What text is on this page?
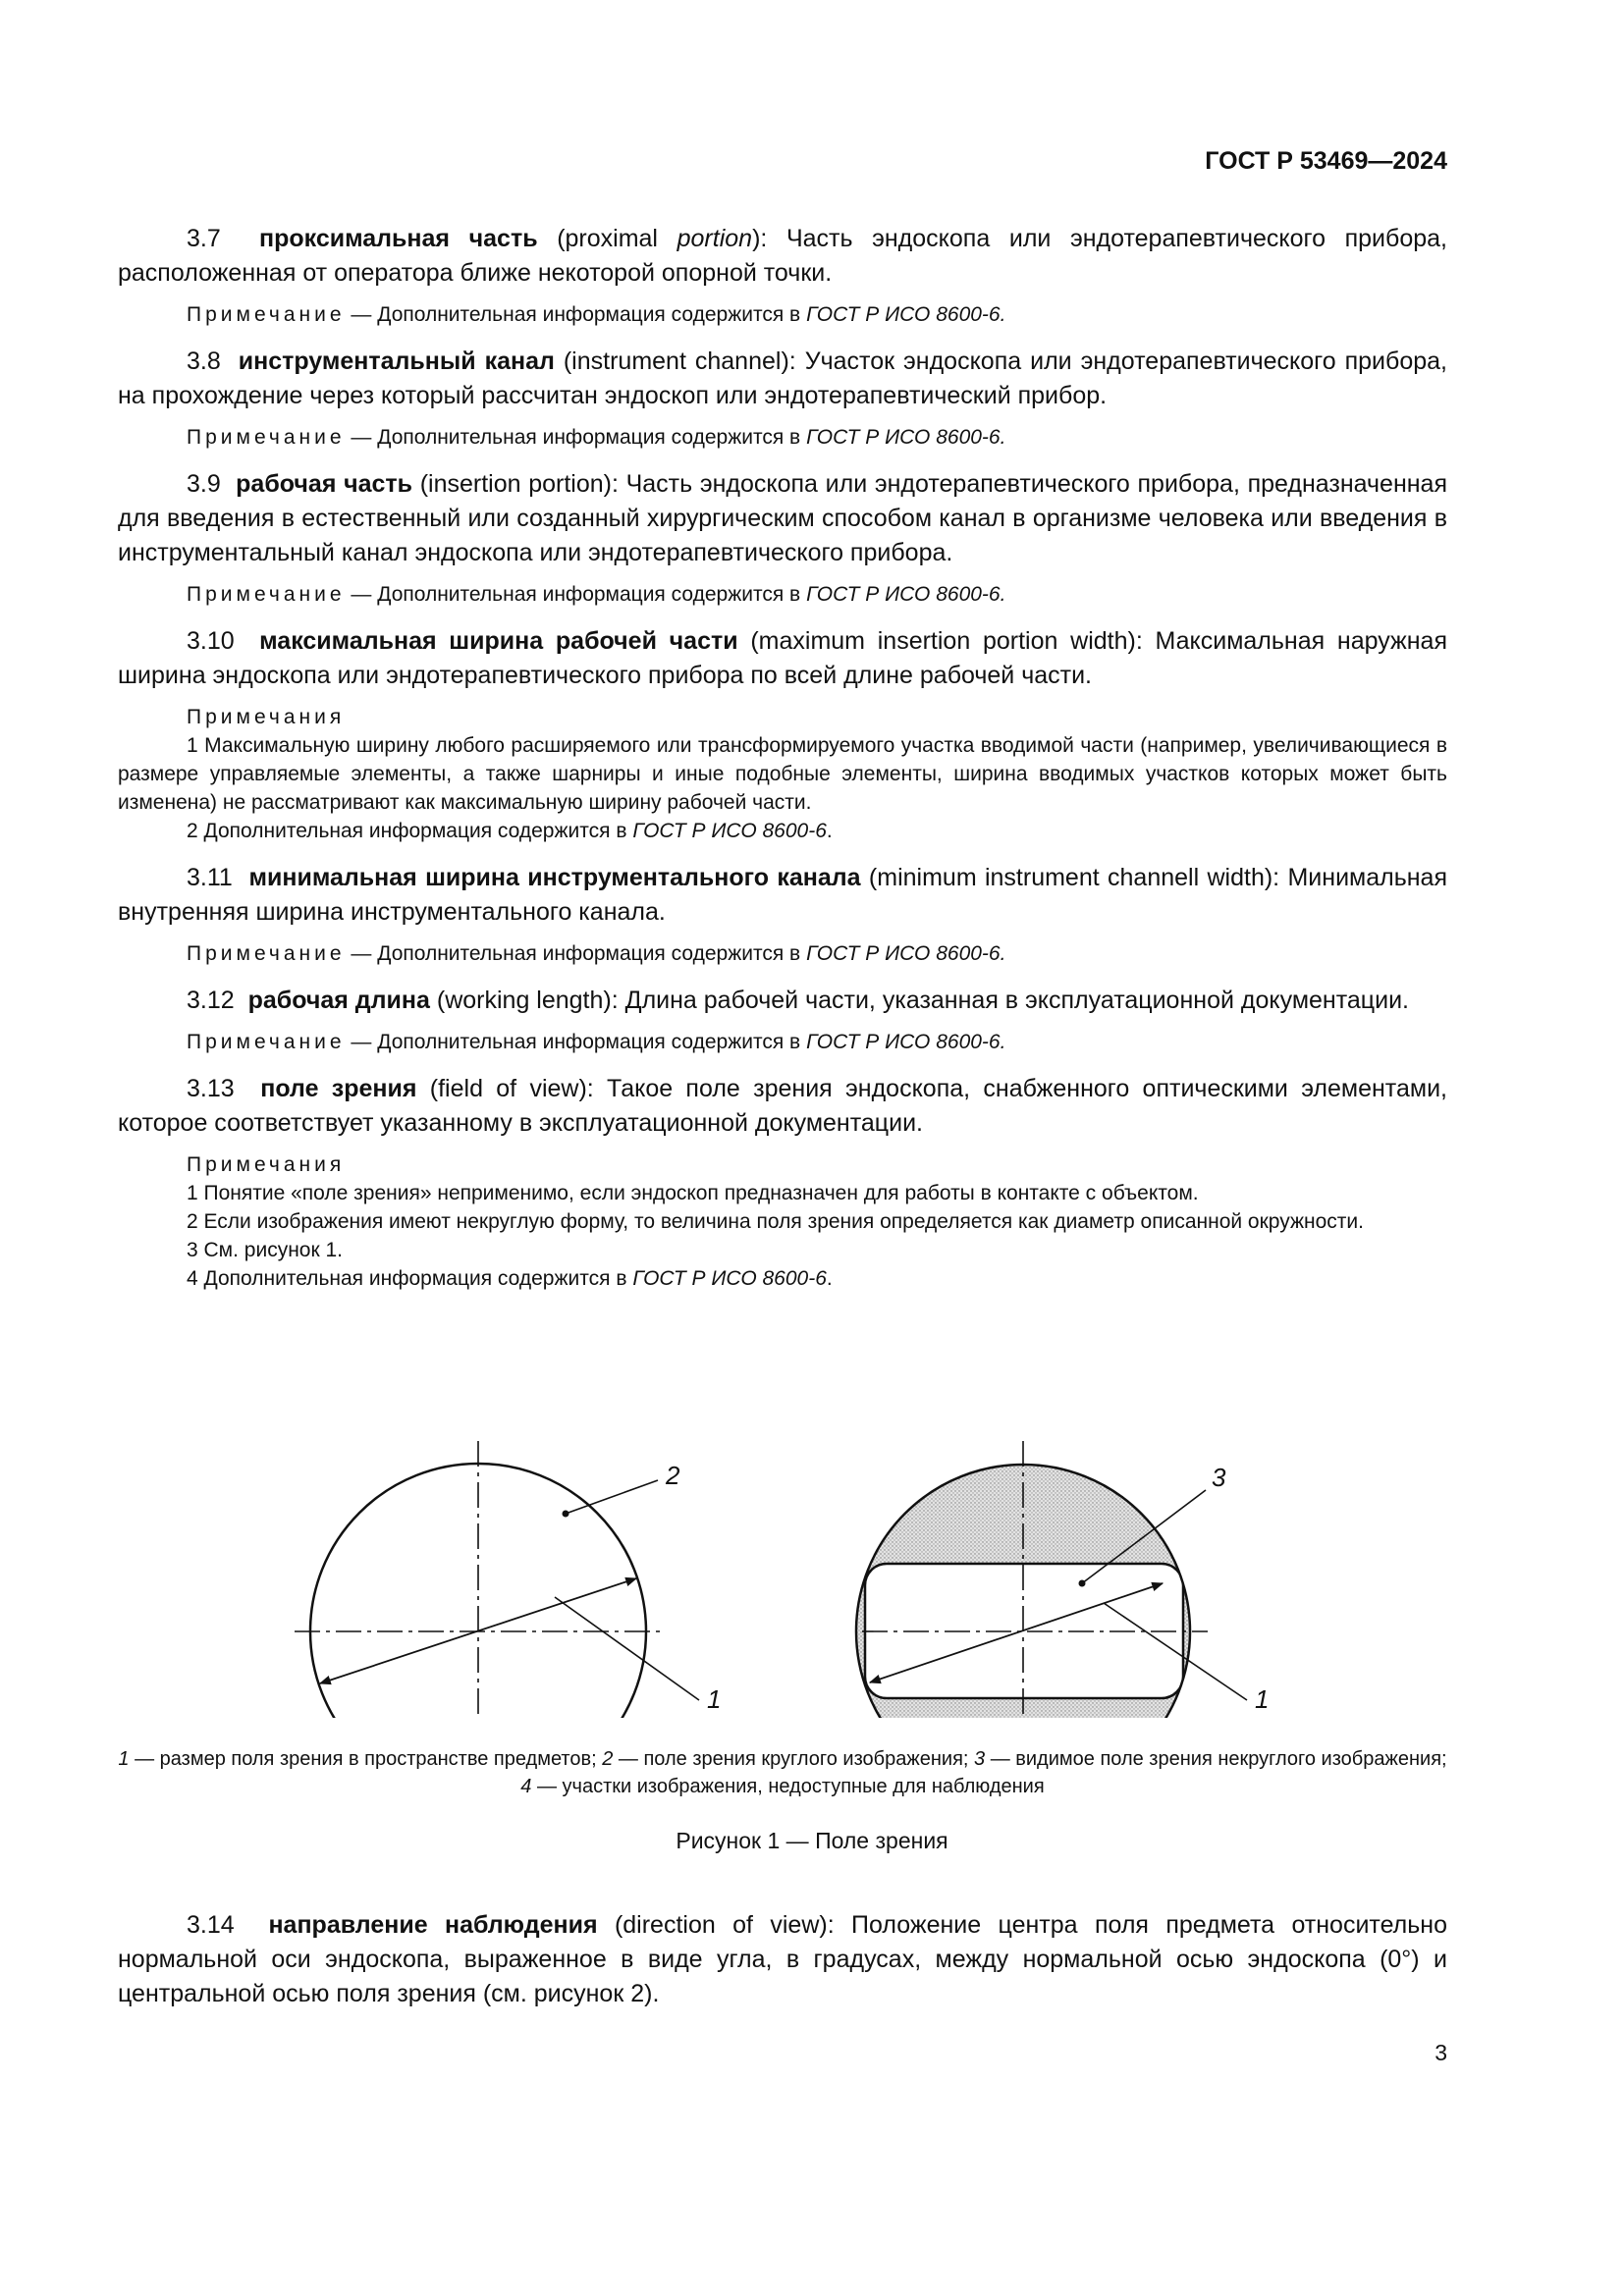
ГОСТ Р 53469—2024

3.7 проксимальная часть (proximal portion): Часть эндоскопа или эндотерапевтического прибора, расположенная от оператора ближе некоторой опорной точки.

Примечание — Дополнительная информация содержится в ГОСТ Р ИСО 8600-6.

3.8 инструментальный канал (instrument channel): Участок эндоскопа или эндотерапевтического прибора, на прохождение через который рассчитан эндоскоп или эндотерапевтический прибор.

Примечание — Дополнительная информация содержится в ГОСТ Р ИСО 8600-6.

3.9 рабочая часть (insertion portion): Часть эндоскопа или эндотерапевтического прибора, предназначенная для введения в естественный или созданный хирургическим способом канал в организме человека или введения в инструментальный канал эндоскопа или эндотерапевтического прибора.

Примечание — Дополнительная информация содержится в ГОСТ Р ИСО 8600-6.

3.10 максимальная ширина рабочей части (maximum insertion portion width): Максимальная наружная ширина эндоскопа или эндотерапевтического прибора по всей длине рабочей части.

Примечания
1 Максимальную ширину любого расширяемого или трансформируемого участка вводимой части (например, увеличивающиеся в размере управляемые элементы, а также шарниры и иные подобные элементы, ширина вводимых участков которых может быть изменена) не рассматривают как максимальную ширину рабочей части.
2 Дополнительная информация содержится в ГОСТ Р ИСО 8600-6.

3.11 минимальная ширина инструментального канала (minimum instrument channell width): Минимальная внутренняя ширина инструментального канала.

Примечание — Дополнительная информация содержится в ГОСТ Р ИСО 8600-6.

3.12 рабочая длина (working length): Длина рабочей части, указанная в эксплуатационной документации.

Примечание — Дополнительная информация содержится в ГОСТ Р ИСО 8600-6.

3.13 поле зрения (field of view): Такое поле зрения эндоскопа, снабженного оптическими элементами, которое соответствует указанному в эксплуатационной документации.

Примечания
1 Понятие «поле зрения» неприменимо, если эндоскоп предназначен для работы в контакте с объектом.
2 Если изображения имеют некруглую форму, то величина поля зрения определяется как диаметр описанной окружности.
3 См. рисунок 1.
4 Дополнительная информация содержится в ГОСТ Р ИСО 8600-6.
2
1
3
1
1 — размер поля зрения в пространстве предметов; 2 — поле зрения круглого изображения; 3 — видимое поле зрения некруглого изображения; 4 — участки изображения, недоступные для наблюдения
Рисунок 1 — Поле зрения

3.14 направление наблюдения (direction of view): Положение центра поля предмета относительно нормальной оси эндоскопа, выраженное в виде угла, в градусах, между нормальной осью эндоскопа (0°) и центральной осью поля зрения (см. рисунок 2).

3
